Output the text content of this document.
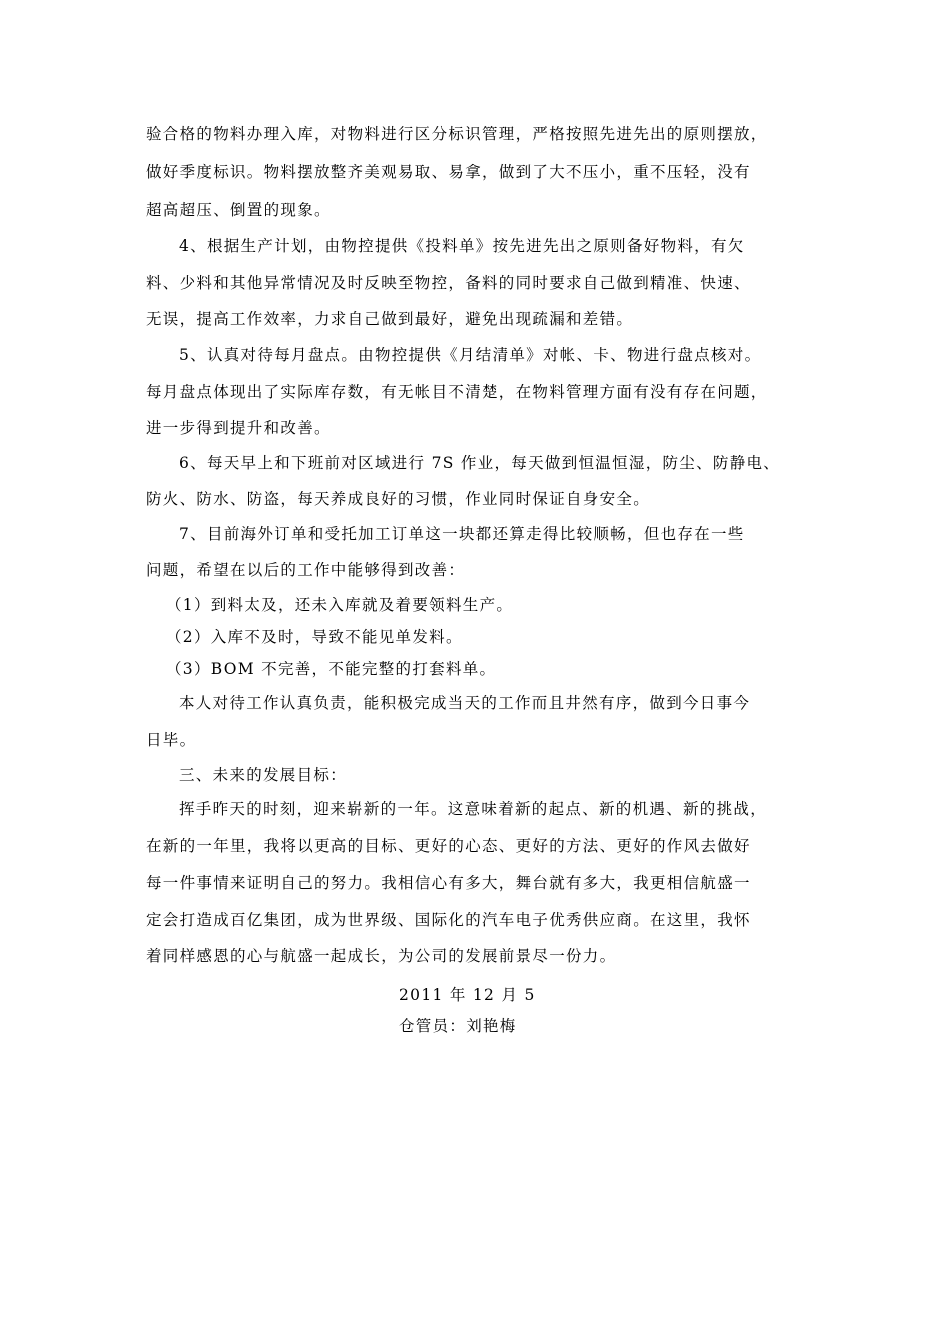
验合格的物料办理入库，对物料进行区分标识管理，严格按照先进先出的原则摆放，
做好季度标识。物料摆放整齐美观易取、易拿，做到了大不压小，重不压轻，没有
超高超压、倒置的现象。
4、根据生产计划，由物控提供《投料单》按先进先出之原则备好物料，有欠
料、少料和其他异常情况及时反映至物控，备料的同时要求自己做到精准、快速、
无误，提高工作效率，力求自己做到最好，避免出现疏漏和差错。
5、认真对待每月盘点。由物控提供《月结清单》对帐、卡、物进行盘点核对。
每月盘点体现出了实际库存数，有无帐目不清楚，在物料管理方面有没有存在问题，
进一步得到提升和改善。
6、每天早上和下班前对区域进行 7S 作业，每天做到恒温恒湿，防尘、防静电、
防火、防水、防盗，每天养成良好的习惯，作业同时保证自身安全。
7、目前海外订单和受托加工订单这一块都还算走得比较顺畅，但也存在一些
问题，希望在以后的工作中能够得到改善：
（1）到料太及，还未入库就及着要领料生产。
（2）入库不及时，导致不能见单发料。
（3）BOM 不完善，不能完整的打套料单。
本人对待工作认真负责，能积极完成当天的工作而且井然有序，做到今日事今
日毕。
三、未来的发展目标：
挥手昨天的时刻，迎来崭新的一年。这意味着新的起点、新的机遇、新的挑战，
在新的一年里，我将以更高的目标、更好的心态、更好的方法、更好的作风去做好
每一件事情来证明自己的努力。我相信心有多大，舞台就有多大，我更相信航盛一
定会打造成百亿集团，成为世界级、国际化的汽车电子优秀供应商。在这里，我怀
着同样感恩的心与航盛一起成长，为公司的发展前景尽一份力。
2011 年 12 月 5
仓管员：刘艳梅
